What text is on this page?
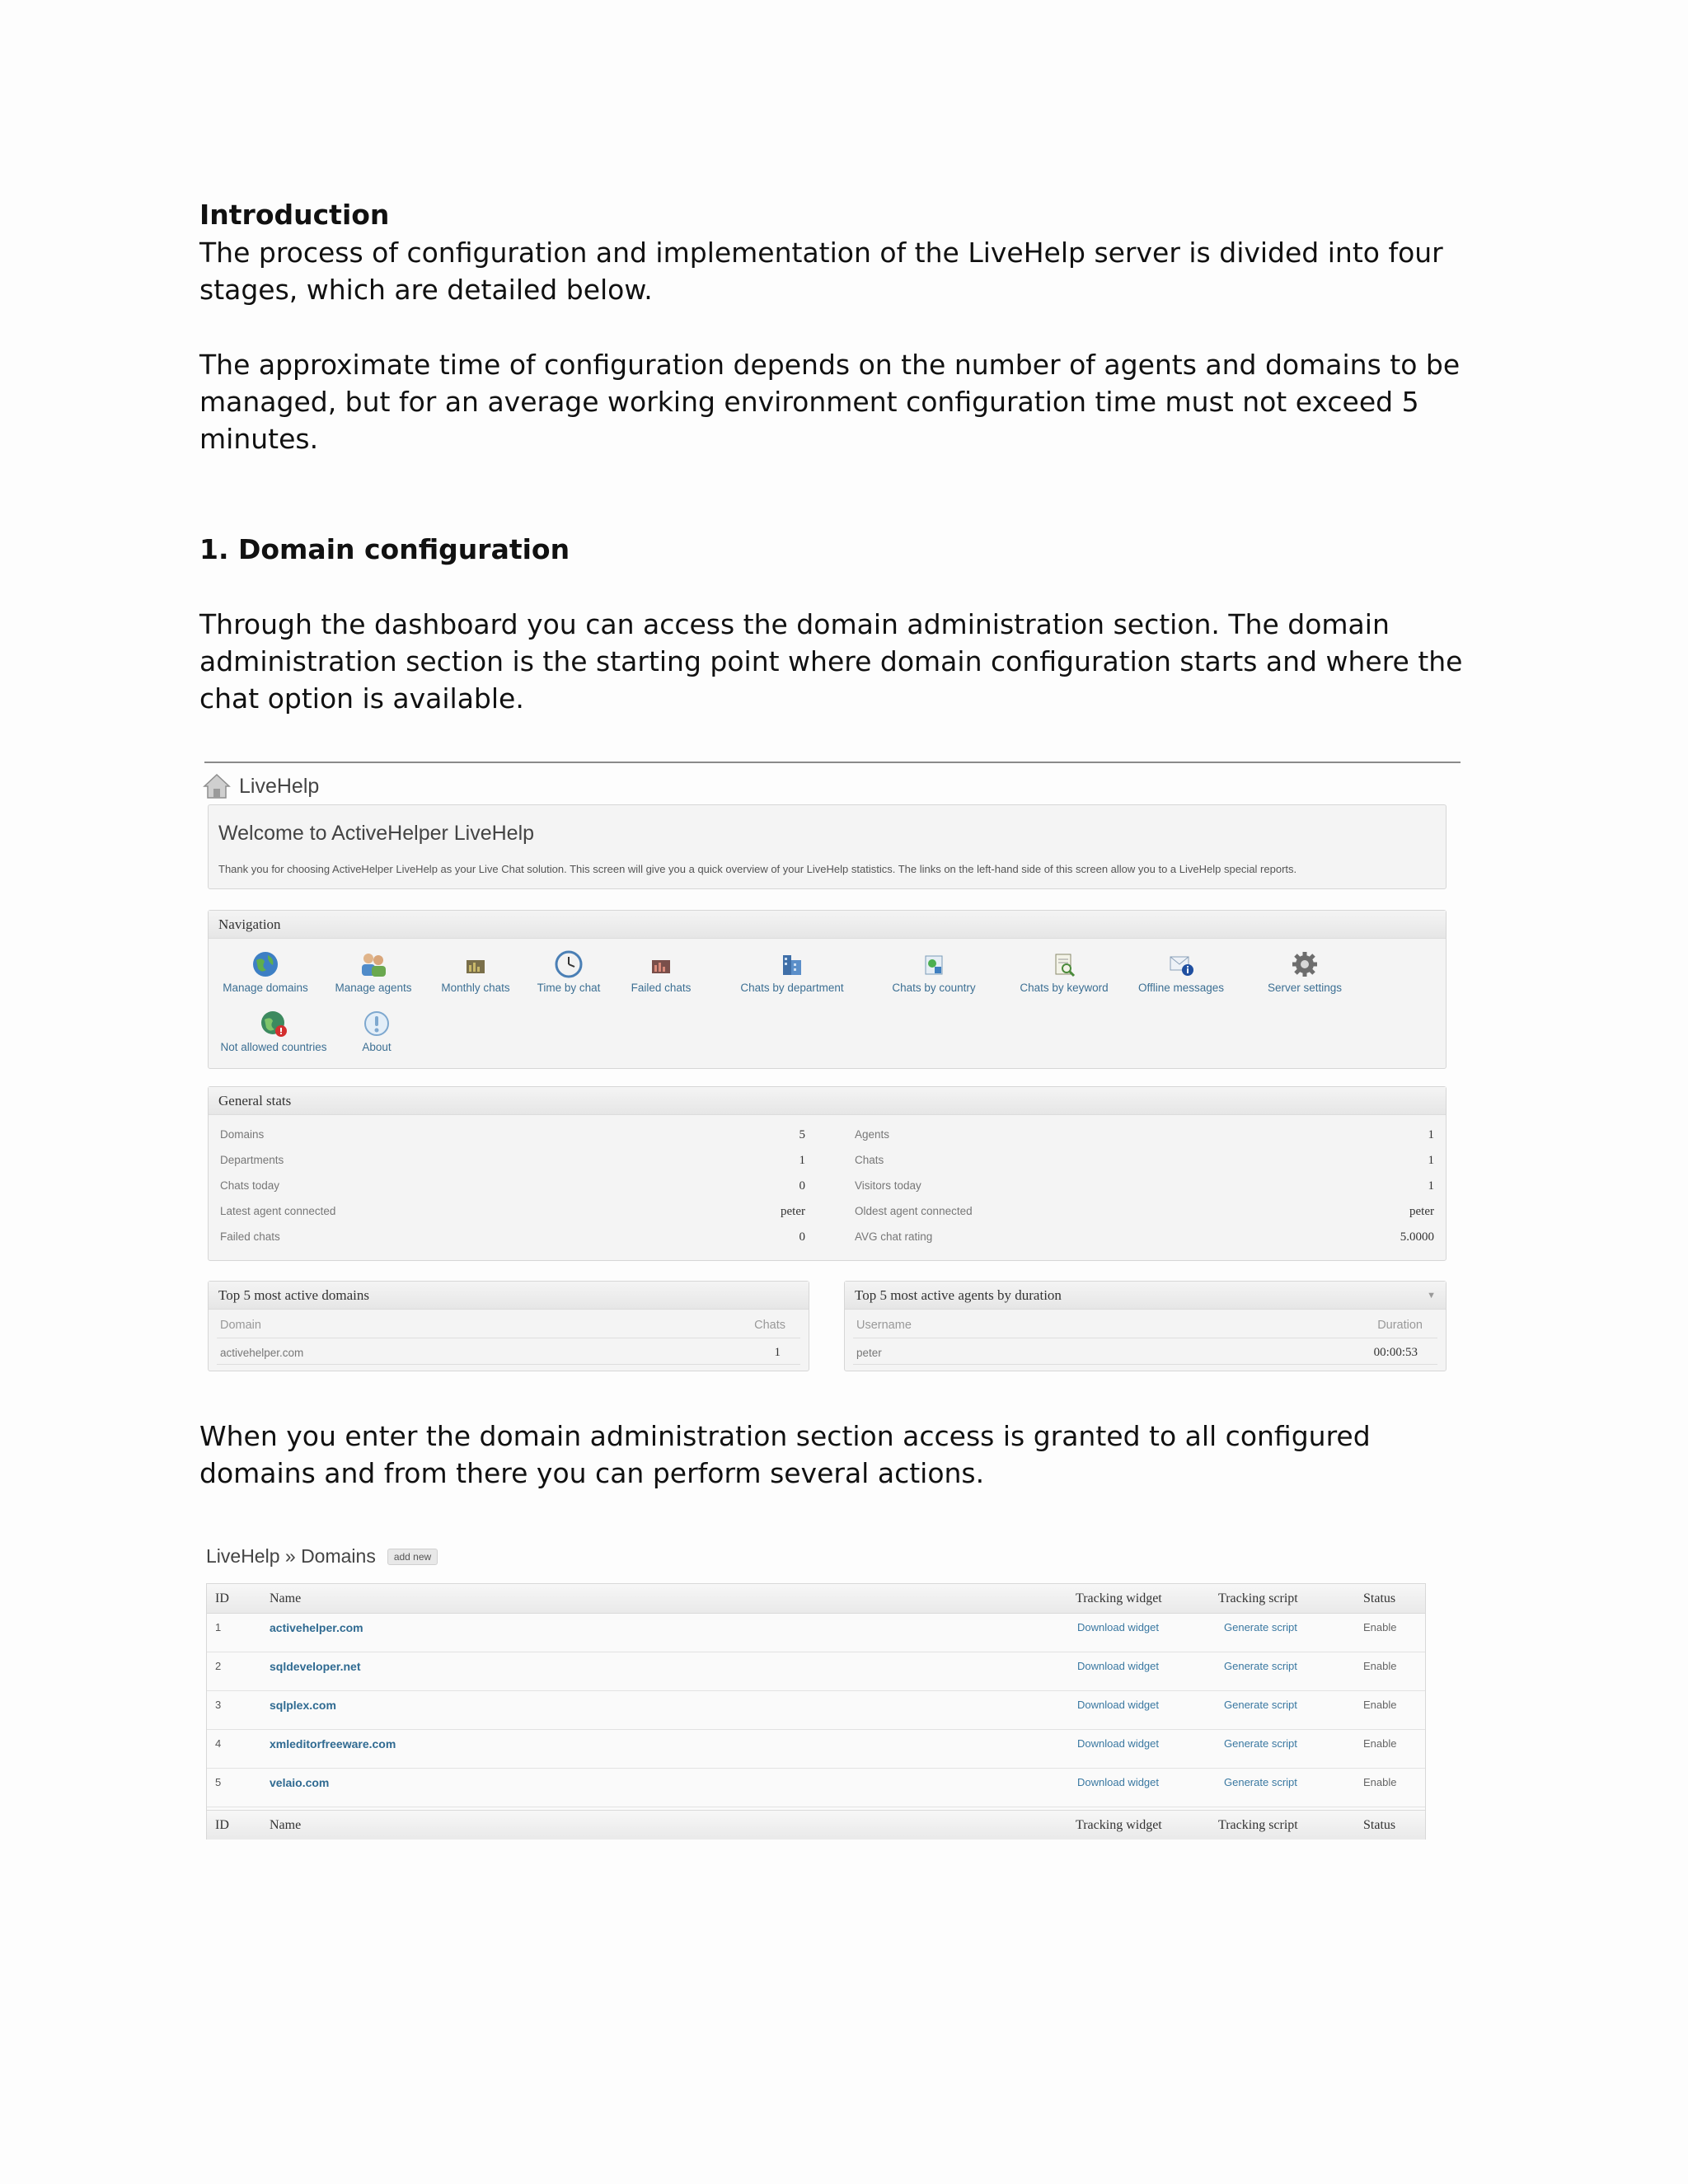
Introduction
The process of configuration and implementation of the LiveHelp server is divided into four
stages, which are detailed below.
The approximate time of configuration depends on the number of agents and domains to be
managed, but for an average working environment configuration time must not exceed 5
minutes.
1. Domain configuration
Through the dashboard you can access the domain administration section. The domain
administration section is the starting point where domain configuration starts and where the
chat option is available.
When you enter the domain administration section access is granted to all configured
domains and from there you can perform several actions.
LiveHelp
Welcome to ActiveHelper LiveHelp
Thank you for choosing ActiveHelper LiveHelp as your Live Chat solution. This screen will give you a quick overview of your LiveHelp statistics. The links on the left-hand side of this screen allow you to a LiveHelp special reports.
Navigation
Manage domains Manage agents	Monthly chats Time by chat	Failed chats	Chats by department	Chats by country	Chats by keyword	Offline messages	Server settings
Not allowed countries	About
General stats
Domains	5
Departments	1
Chats today	0
Latest agent connected	peter
Failed chats	0
Agents	1
Chats	1
Visitors today	1
Oldest agent connected	peter
AVG chat rating	5.0000
Top 5 most active domains
Domain	Chats
activehelper.com	1
Top 5 most active agents by duration	▼
Username	Duration
peter	00:00:53
LiveHelp » Domains	add new
ID	Name	Tracking widget	Tracking script	Status
1	activehelper.com	Download widget	Generate script	Enable
2	sqldeveloper.net	Download widget	Generate script	Enable
3	sqlplex.com	Download widget	Generate script	Enable
4	xmleditorfreeware.com	Download widget	Generate script	Enable
5	velaio.com	Download widget	Generate script	Enable
ID	Name	Tracking widget	Tracking script	Status
